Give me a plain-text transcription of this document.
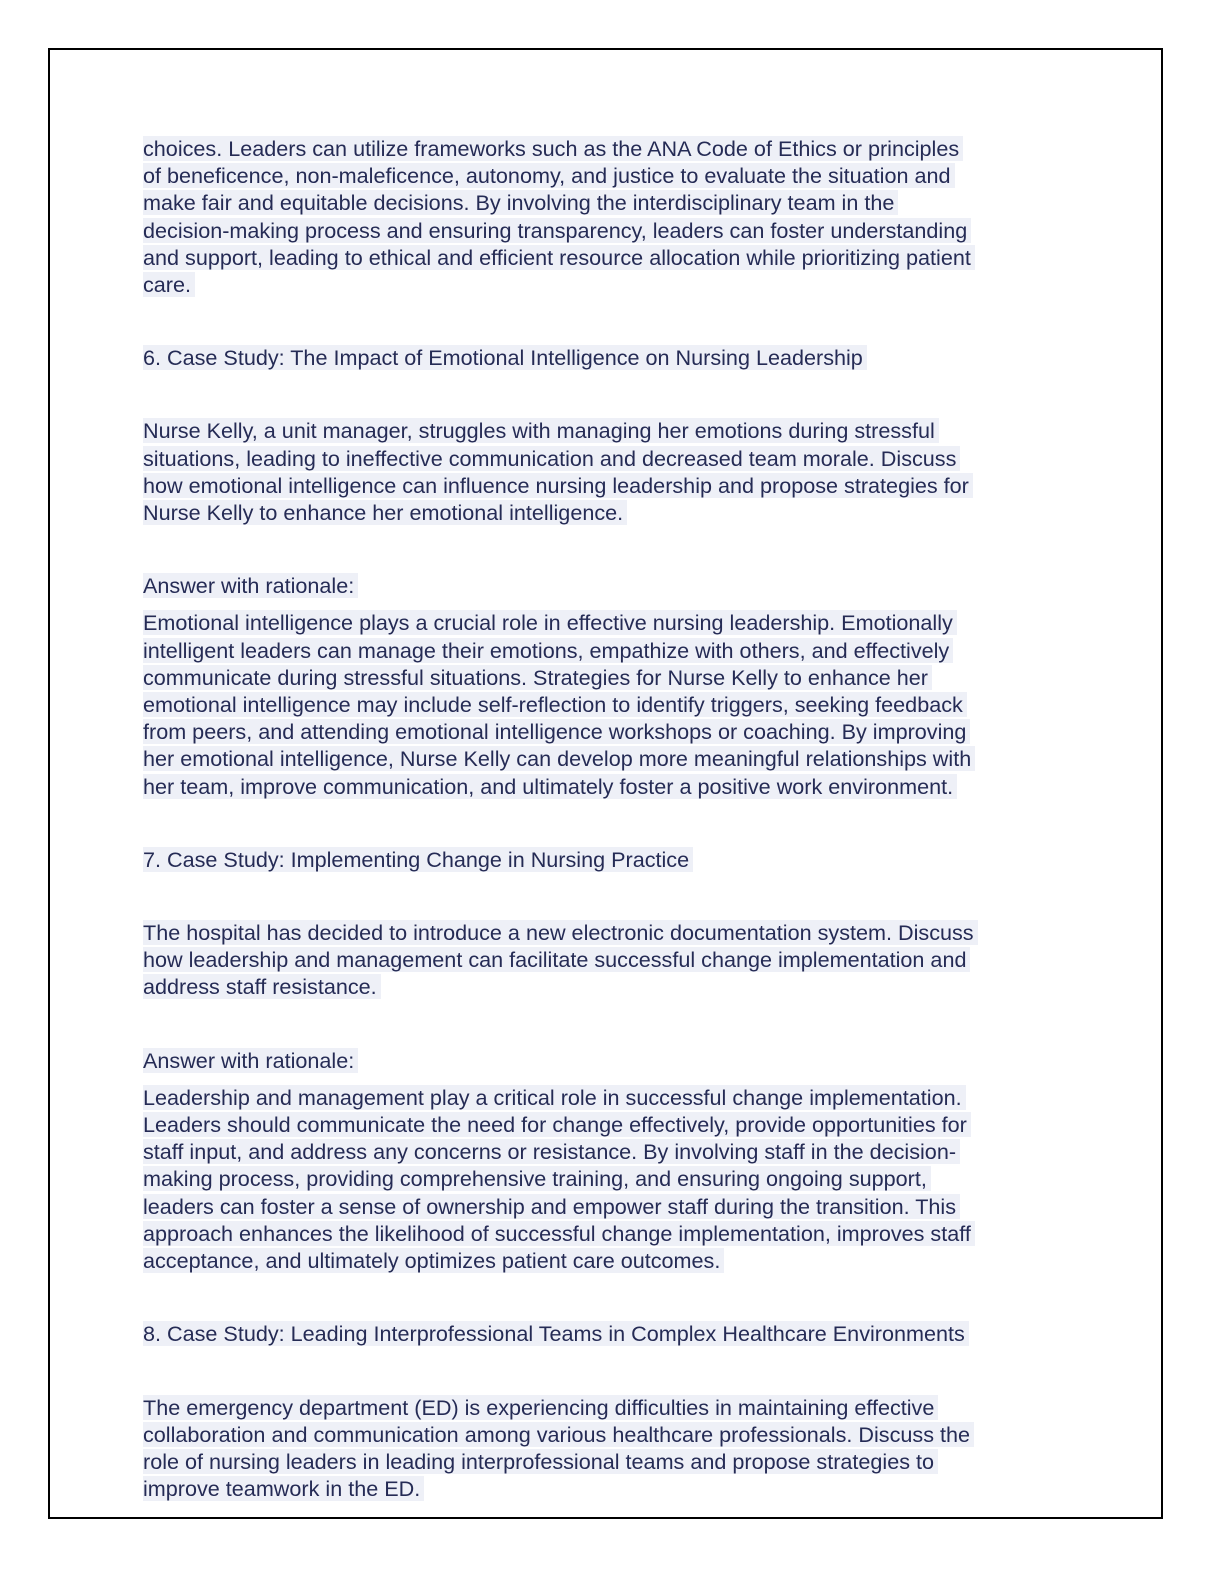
choices. Leaders can utilize frameworks such as the ANA Code of Ethics or principles
of beneficence, non-maleficence, autonomy, and justice to evaluate the situation and
make fair and equitable decisions. By involving the interdisciplinary team in the
decision-making process and ensuring transparency, leaders can foster understanding
and support, leading to ethical and efficient resource allocation while prioritizing patient
care.
6. Case Study: The Impact of Emotional Intelligence on Nursing Leadership
Nurse Kelly, a unit manager, struggles with managing her emotions during stressful
situations, leading to ineffective communication and decreased team morale. Discuss
how emotional intelligence can influence nursing leadership and propose strategies for
Nurse Kelly to enhance her emotional intelligence.
Answer with rationale:
Emotional intelligence plays a crucial role in effective nursing leadership. Emotionally
intelligent leaders can manage their emotions, empathize with others, and effectively
communicate during stressful situations. Strategies for Nurse Kelly to enhance her
emotional intelligence may include self-reflection to identify triggers, seeking feedback
from peers, and attending emotional intelligence workshops or coaching. By improving
her emotional intelligence, Nurse Kelly can develop more meaningful relationships with
her team, improve communication, and ultimately foster a positive work environment.
7. Case Study: Implementing Change in Nursing Practice
The hospital has decided to introduce a new electronic documentation system. Discuss
how leadership and management can facilitate successful change implementation and
address staff resistance.
Answer with rationale:
Leadership and management play a critical role in successful change implementation.
Leaders should communicate the need for change effectively, provide opportunities for
staff input, and address any concerns or resistance. By involving staff in the decision-
making process, providing comprehensive training, and ensuring ongoing support,
leaders can foster a sense of ownership and empower staff during the transition. This
approach enhances the likelihood of successful change implementation, improves staff
acceptance, and ultimately optimizes patient care outcomes.
8. Case Study: Leading Interprofessional Teams in Complex Healthcare Environments
The emergency department (ED) is experiencing difficulties in maintaining effective
collaboration and communication among various healthcare professionals. Discuss the
role of nursing leaders in leading interprofessional teams and propose strategies to
improve teamwork in the ED.
